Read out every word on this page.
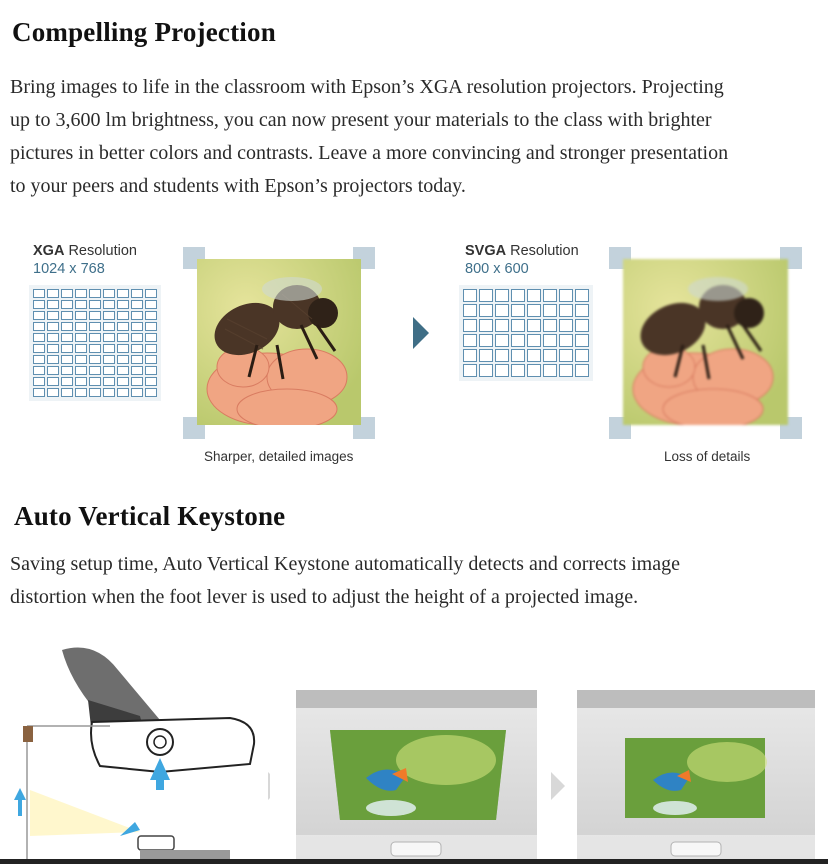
Compelling Projection
Bring images to life in the classroom with Epson’s XGA resolution projectors. Projecting
up to 3,600 lm brightness, you can now present your materials to the class with brighter
pictures in better colors and contrasts. Leave a more convincing and stronger presentation
to your peers and students with Epson’s projectors today.
XGA Resolution
1024 x 768
Sharper, detailed images
SVGA Resolution
800 x 600
Loss of details
Auto Vertical Keystone
Saving setup time, Auto Vertical Keystone automatically detects and corrects image
distortion when the foot lever is used to adjust the height of a projected image.
